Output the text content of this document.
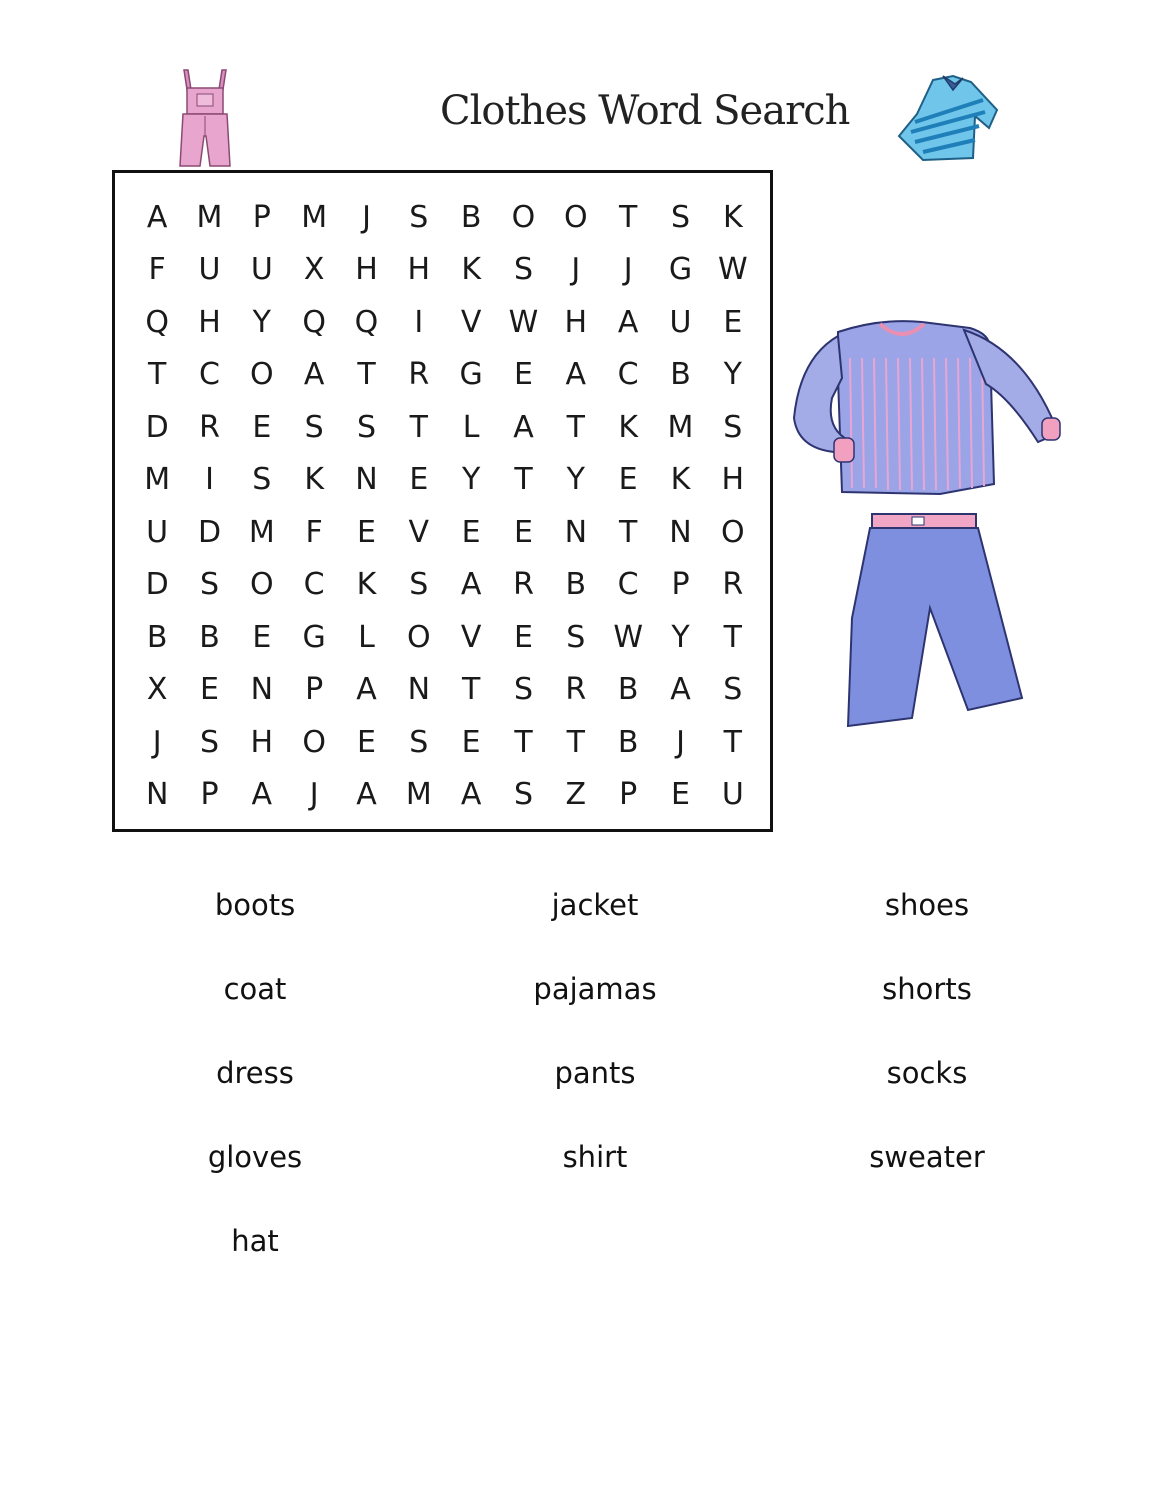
Clothes Word Search
A M	P	M	J	S	B	O O	T	S	K
F	U	U	X	H H	K	S	J	J	G W
Q H	Y	Q Q	I	V W H	A	U	E
T	C	O	A	T	R	G	E	A	C	B	Y
D	R	E	S	S	T	L	A	T	K M S
M	I	S	K	N	E	Y	T	Y	E	K	H
U D M	F	E	V	E	E	N	T	N O
D	S	O	C	K	S	A	R	B	C	P	R
B	B	E	G	L	O	V	E	S W Y	T
X	E	N	P	A	N	T	S	R	B	A	S
J	S	H O	E	S	E	T	T	B	J	T
N	P	A	J	A M A	S	Z	P	E	U
boots
coat
dress
gloves
hat
jacket
pajamas
pants
shirt
shoes
shorts
socks
sweater
